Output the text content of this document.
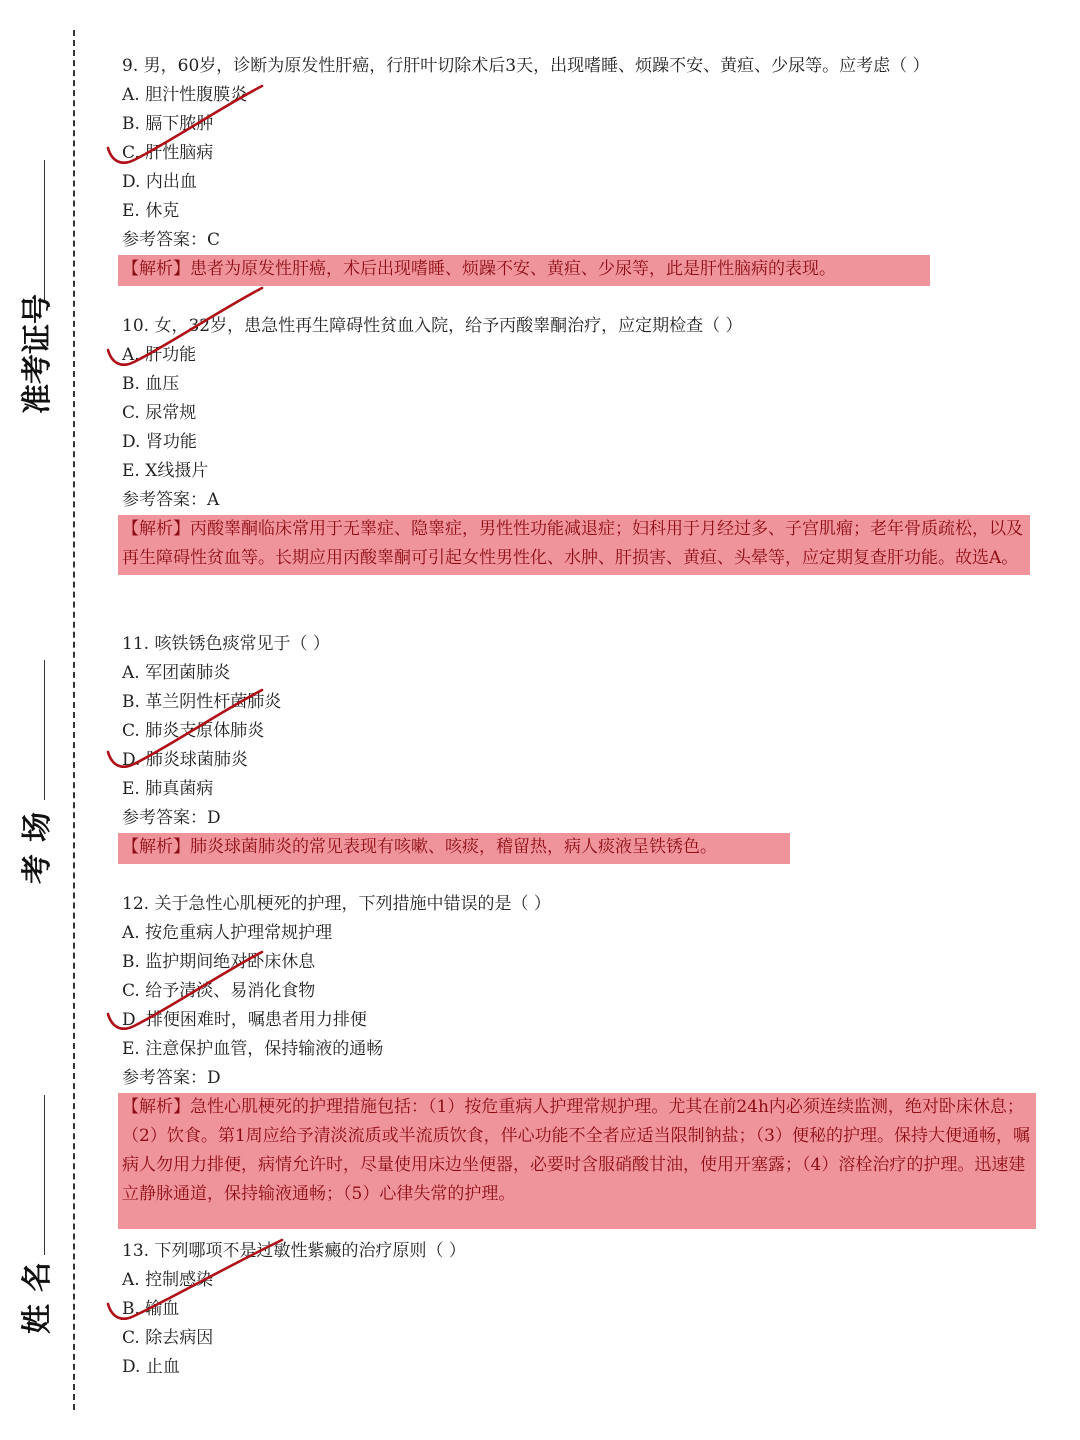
准考证号
考场
姓名
9. 男，60岁，诊断为原发性肝癌，行肝叶切除术后3天，出现嗜睡、烦躁不安、黄疸、少尿等。应考虑（ ）
A. 胆汁性腹膜炎
B. 膈下脓肿
C. 肝性脑病
D. 内出血
E. 休克
参考答案：C
【解析】患者为原发性肝癌，术后出现嗜睡、烦躁不安、黄疸、少尿等，此是肝性脑病的表现。
10. 女，32岁，患急性再生障碍性贫血入院，给予丙酸睾酮治疗，应定期检查（ ）
A. 肝功能
B. 血压
C. 尿常规
D. 肾功能
E. X线摄片
参考答案：A
【解析】丙酸睾酮临床常用于无睾症、隐睾症，男性性功能减退症；妇科用于月经过多、子宫肌瘤；老年骨质疏松，以及再生障碍性贫血等。长期应用丙酸睾酮可引起女性男性化、水肿、肝损害、黄疸、头晕等，应定期复查肝功能。故选A。
11. 咳铁锈色痰常见于（ ）
A. 军团菌肺炎
B. 革兰阴性杆菌肺炎
C. 肺炎支原体肺炎
D. 肺炎球菌肺炎
E. 肺真菌病
参考答案：D
【解析】肺炎球菌肺炎的常见表现有咳嗽、咳痰，稽留热，病人痰液呈铁锈色。
12. 关于急性心肌梗死的护理，下列措施中错误的是（ ）
A. 按危重病人护理常规护理
B. 监护期间绝对卧床休息
C. 给予清淡、易消化食物
D. 排便困难时，嘱患者用力排便
E. 注意保护血管，保持输液的通畅
参考答案：D
【解析】急性心肌梗死的护理措施包括：（1）按危重病人护理常规护理。尤其在前24h内必须连续监测，绝对卧床休息；（2）饮食。第1周应给予清淡流质或半流质饮食，伴心功能不全者应适当限制钠盐；（3）便秘的护理。保持大便通畅，嘱病人勿用力排便，病情允许时，尽量使用床边坐便器，必要时含服硝酸甘油，使用开塞露；（4）溶栓治疗的护理。迅速建立静脉通道，保持输液通畅；（5）心律失常的护理。
13. 下列哪项不是过敏性紫癜的治疗原则（ ）
A. 控制感染
B. 输血
C. 除去病因
D. 止血
